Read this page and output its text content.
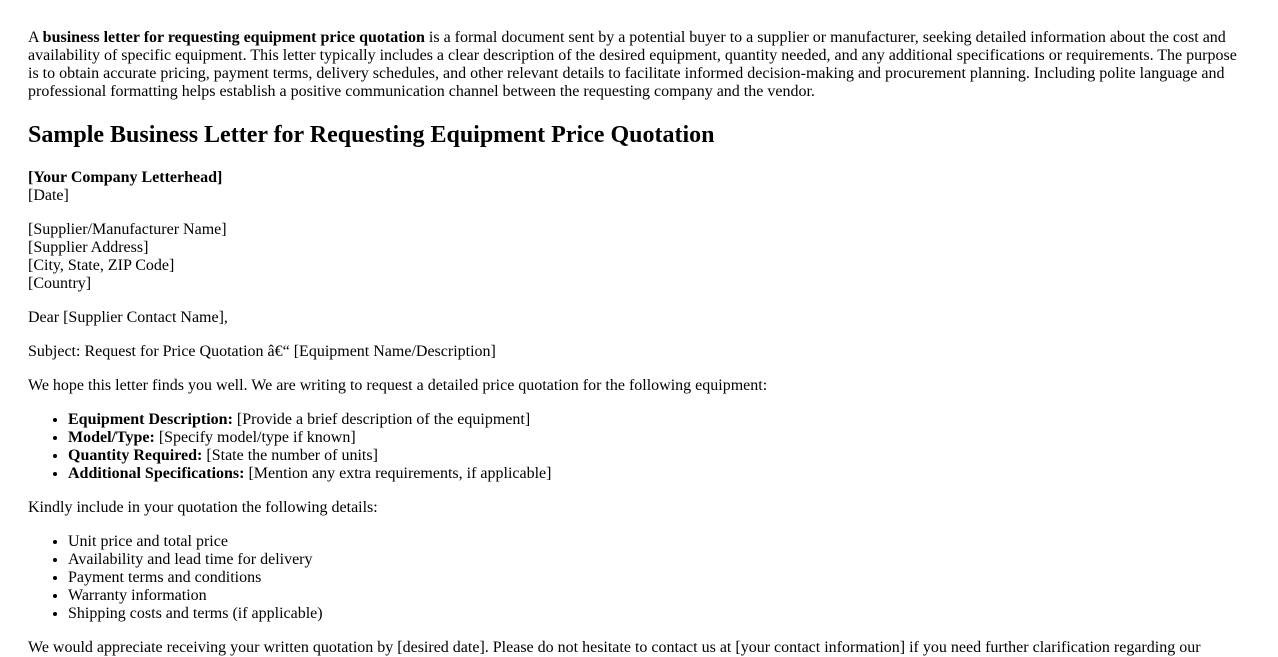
A business letter for requesting equipment price quotation is a formal document sent by a potential buyer to a supplier or manufacturer, seeking detailed information about the cost and availability of specific equipment. This letter typically includes a clear description of the desired equipment, quantity needed, and any additional specifications or requirements. The purpose is to obtain accurate pricing, payment terms, delivery schedules, and other relevant details to facilitate informed decision-making and procurement planning. Including polite language and professional formatting helps establish a positive communication channel between the requesting company and the vendor.

Sample Business Letter for Requesting Equipment Price Quotation

[Your Company Letterhead]
[Date]

[Supplier/Manufacturer Name]
[Supplier Address]
[City, State, ZIP Code]
[Country]

Dear [Supplier Contact Name],

Subject: Request for Price Quotation â€“ [Equipment Name/Description]

We hope this letter finds you well. We are writing to request a detailed price quotation for the following equipment:

• Equipment Description: [Provide a brief description of the equipment]
• Model/Type: [Specify model/type if known]
• Quantity Required: [State the number of units]
• Additional Specifications: [Mention any extra requirements, if applicable]

Kindly include in your quotation the following details:

• Unit price and total price
• Availability and lead time for delivery
• Payment terms and conditions
• Warranty information
• Shipping costs and terms (if applicable)

We would appreciate receiving your written quotation by [desired date]. Please do not hesitate to contact us at [your contact information] if you need further clarification regarding our
